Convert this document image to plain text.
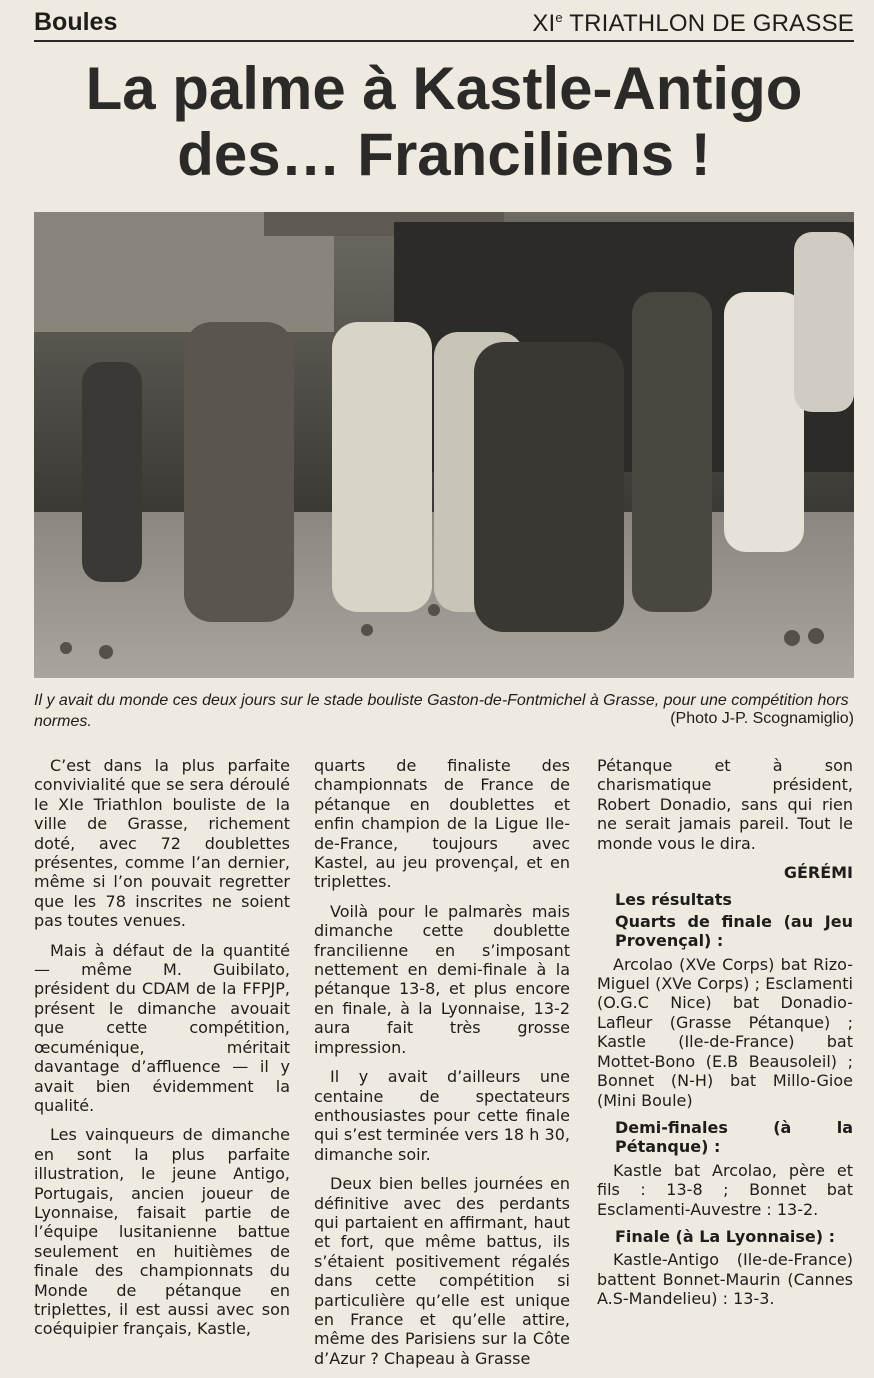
Boules	XIe TRIATHLON DE GRASSE
La palme à Kastle-Antigo
des… Franciliens !
Il y avait du monde ces deux jours sur le stade bouliste Gaston-de-Fontmichel à Grasse, pour une compétition hors normes.	(Photo J-P. Scognamiglio)

C’est dans la plus parfaite convivialité que se sera déroulé le XIe Triathlon bouliste de la ville de Grasse, richement doté, avec 72 doublettes présentes, comme l’an dernier, même si l’on pouvait regretter que les 78 inscrites ne soient pas toutes venues.

Mais à défaut de la quantité — même M. Guibilato, président du CDAM de la FFPJP, présent le dimanche avouait que cette compétition, œcuménique, méritait davantage d’affluence — il y avait bien évidemment la qualité.

Les vainqueurs de dimanche en sont la plus parfaite illustration, le jeune Antigo, Portugais, ancien joueur de Lyonnaise, faisait partie de l’équipe lusitanienne battue seulement en huitièmes de finale des championnats du Monde de pétanque en triplettes, il est aussi avec son coéquipier français, Kastle,

quarts de finaliste des championnats de France de pétanque en doublettes et enfin champion de la Ligue Ile-de-France, toujours avec Kastel, au jeu provençal, et en triplettes.

Voilà pour le palmarès mais dimanche cette doublette francilienne en s’imposant nettement en demi-finale à la pétanque 13-8, et plus encore en finale, à la Lyonnaise, 13-2 aura fait très grosse impression.

Il y avait d’ailleurs une centaine de spectateurs enthousiastes pour cette finale qui s’est terminée vers 18 h 30, dimanche soir.

Deux bien belles journées en définitive avec des perdants qui partaient en affirmant, haut et fort, que même battus, ils s’étaient positivement régalés dans cette compétition si particulière qu’elle est unique en France et qu’elle attire, même des Parisiens sur la Côte d’Azur ? Chapeau à Grasse

Pétanque et à son charismatique président, Robert Donadio, sans qui rien ne serait jamais pareil. Tout le monde vous le dira.

GÉRÉMI
Les résultats
Quarts de finale (au Jeu Provençal) :
Arcolao (XVe Corps) bat Rizo-Miguel (XVe Corps) ; Esclamenti (O.G.C Nice) bat Donadio-Lafleur (Grasse Pétanque) ; Kastle (Ile-de-France) bat Mottet-Bono (E.B Beausoleil) ; Bonnet (N-H) bat Millo-Gioe (Mini Boule)
Demi-finales (à la Pétanque) :
Kastle bat Arcolao, père et fils : 13-8 ; Bonnet bat Esclamenti-Auvestre : 13-2.
Finale (à La Lyonnaise) :
Kastle-Antigo (Ile-de-France) battent Bonnet-Maurin (Cannes A.S-Mandelieu) : 13-3.
